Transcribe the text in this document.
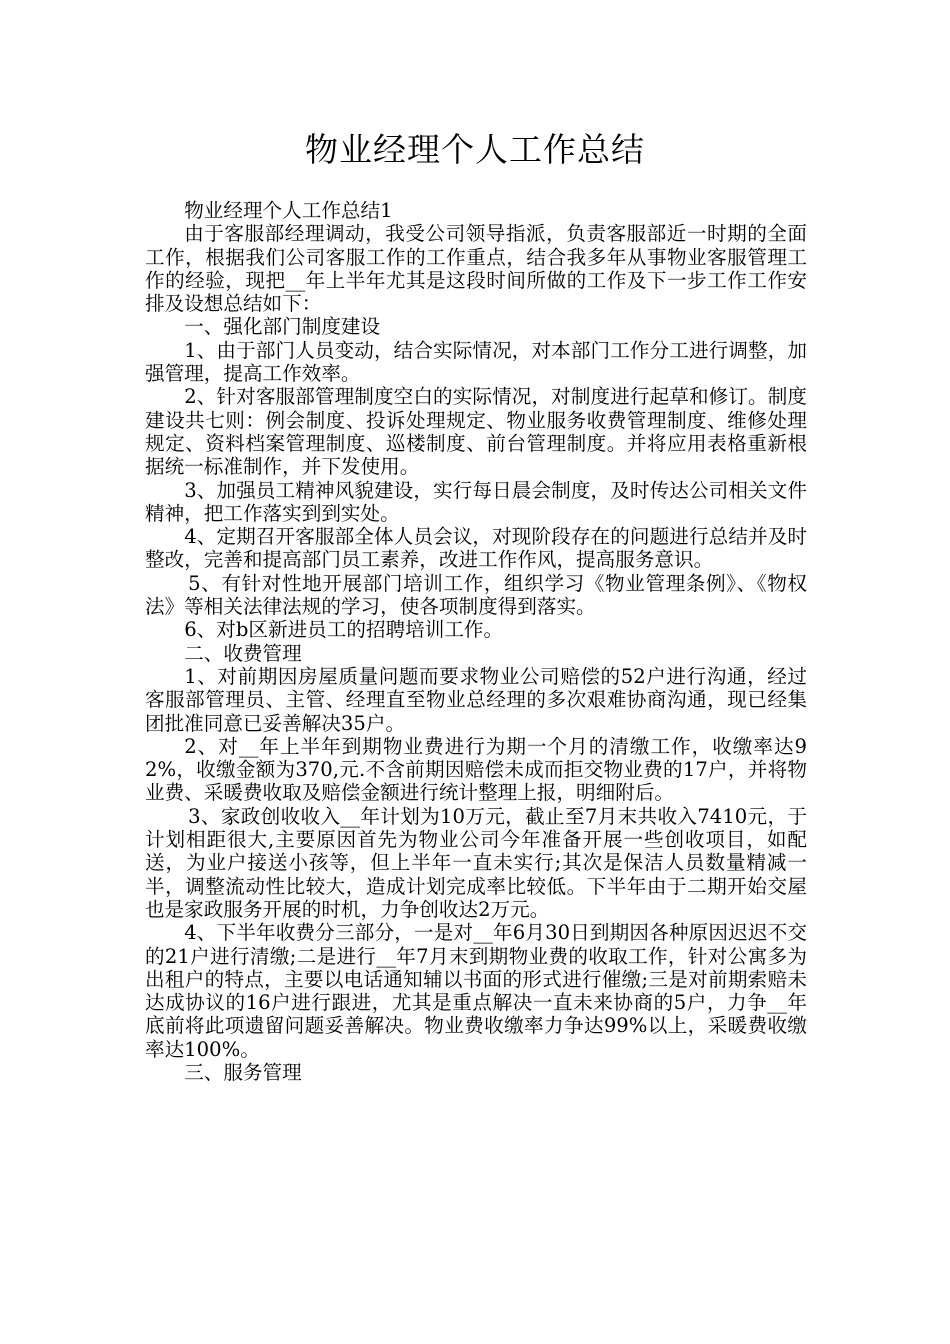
物业经理个人工作总结

物业经理个人工作总结1

由于客服部经理调动，我受公司领导指派，负责客服部近一时期的全面工作，根据我们公司客服工作的工作重点，结合我多年从事物业客服管理工作的经验，现把__年上半年尤其是这段时间所做的工作及下一步工作工作安排及设想总结如下：

一、强化部门制度建设

1、由于部门人员变动，结合实际情况，对本部门工作分工进行调整，加强管理，提高工作效率。

2、针对客服部管理制度空白的实际情况，对制度进行起草和修订。制度建设共七则：例会制度、投诉处理规定、物业服务收费管理制度、维修处理规定、资料档案管理制度、巡楼制度、前台管理制度。并将应用表格重新根据统一标准制作，并下发使用。

3、加强员工精神风貌建设，实行每日晨会制度，及时传达公司相关文件精神，把工作落实到到实处。

4、定期召开客服部全体人员会议，对现阶段存在的问题进行总结并及时整改，完善和提高部门员工素养，改进工作作风，提高服务意识。

5、有针对性地开展部门培训工作，组织学习《物业管理条例》、《物权法》等相关法律法规的学习，使各项制度得到落实。

6、对b区新进员工的招聘培训工作。

二、收费管理

1、对前期因房屋质量问题而要求物业公司赔偿的52户进行沟通，经过客服部管理员、主管、经理直至物业总经理的多次艰难协商沟通，现已经集团批准同意已妥善解决35户。

2、对__年上半年到期物业费进行为期一个月的清缴工作，收缴率达92%，收缴金额为370,元.不含前期因赔偿未成而拒交物业费的17户，并将物业费、采暖费收取及赔偿金额进行统计整理上报，明细附后。

3、家政创收收入__年计划为10万元，截止至7月末共收入7410元，于计划相距很大,主要原因首先为物业公司今年准备开展一些创收项目，如配送，为业户接送小孩等，但上半年一直未实行;其次是保洁人员数量精减一半，调整流动性比较大，造成计划完成率比较低。下半年由于二期开始交屋也是家政服务开展的时机，力争创收达2万元。

4、下半年收费分三部分，一是对__年6月30日到期因各种原因迟迟不交的21户进行清缴;二是进行__年7月末到期物业费的收取工作，针对公寓多为出租户的特点，主要以电话通知辅以书面的形式进行催缴;三是对前期索赔未达成协议的16户进行跟进，尤其是重点解决一直未来协商的5户，力争__年底前将此项遗留问题妥善解决。物业费收缴率力争达99%以上，采暖费收缴率达100%。

三、服务管理
